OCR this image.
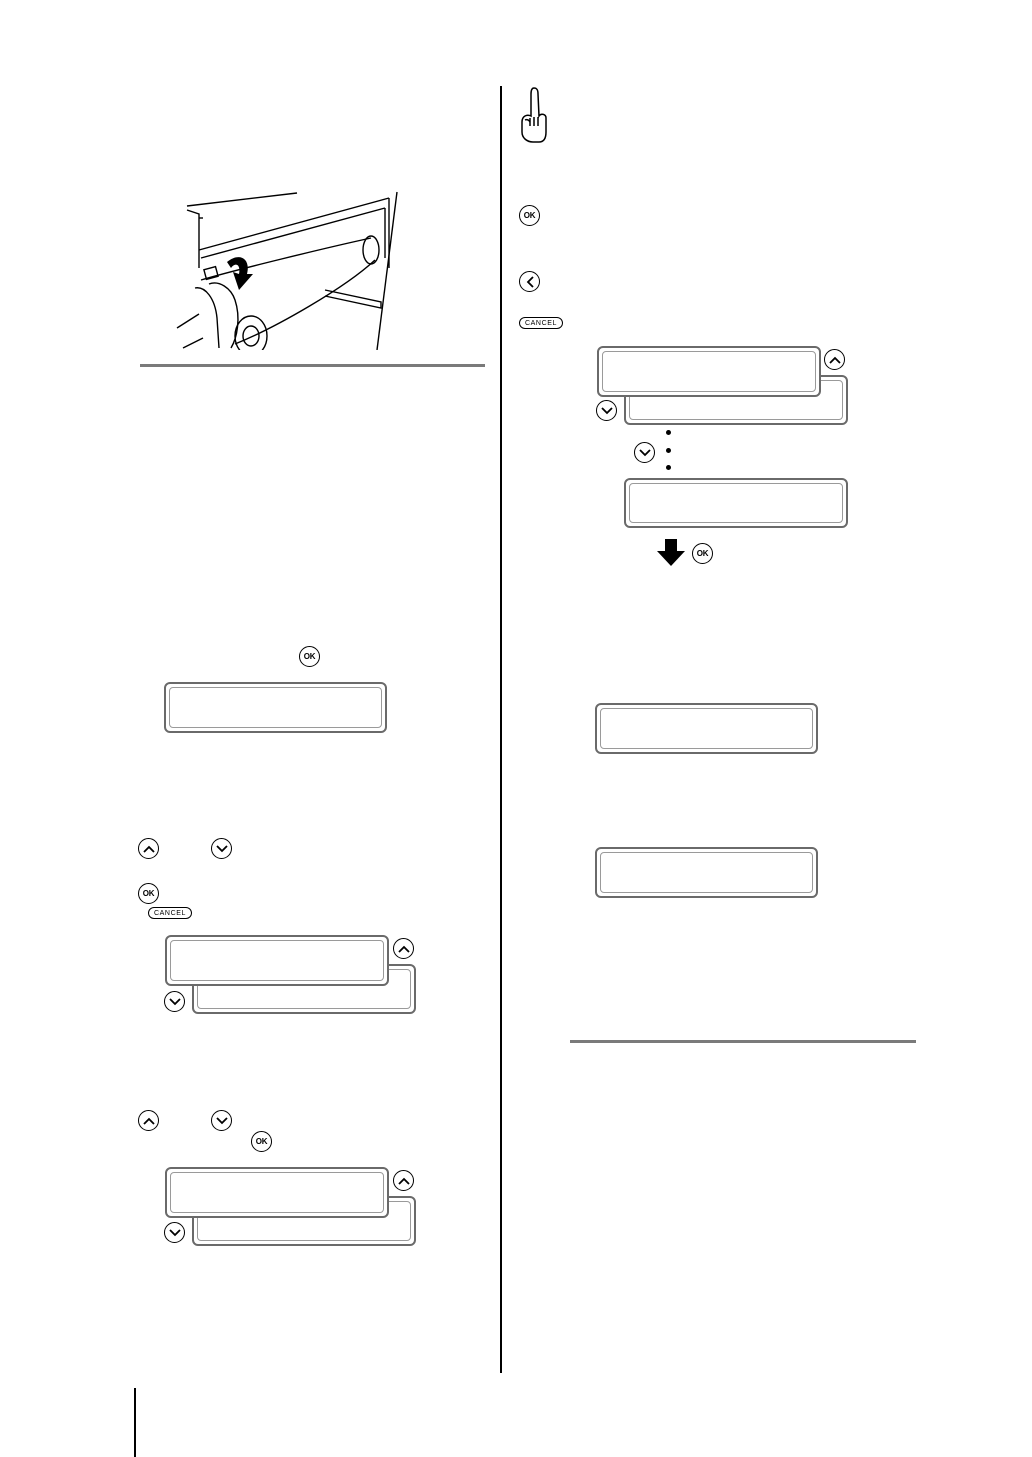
OK
OK
CANCEL
OK
OK
CANCEL
OK
